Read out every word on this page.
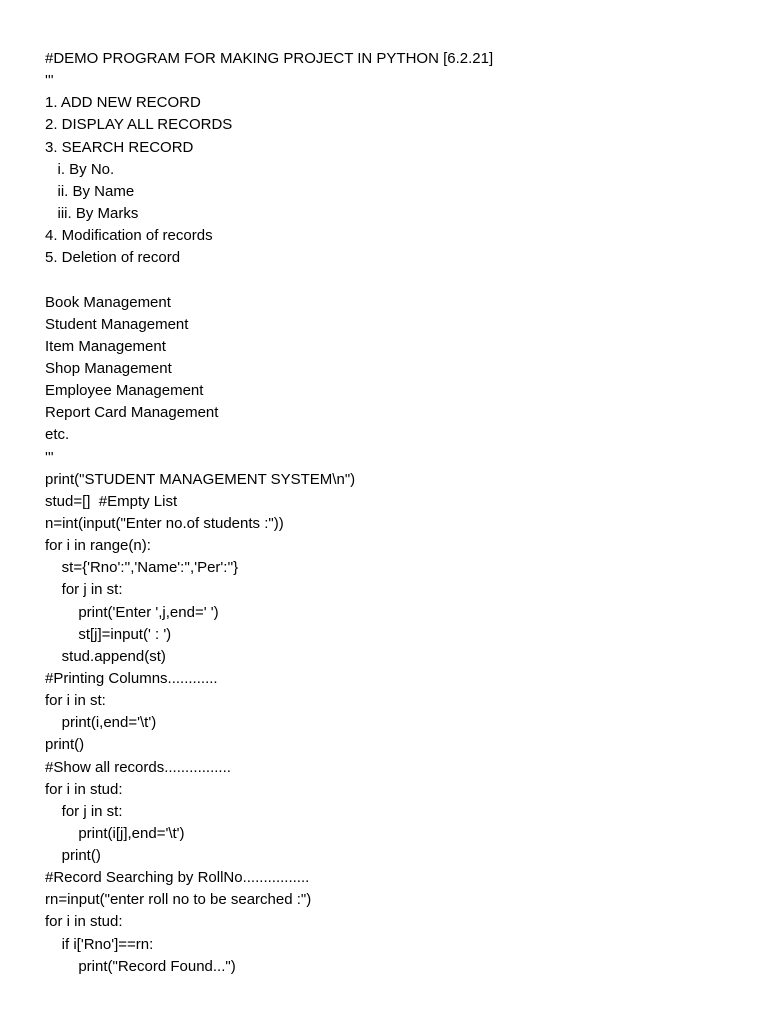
#DEMO PROGRAM FOR MAKING PROJECT IN PYTHON [6.2.21]
'''
1. ADD NEW RECORD
2. DISPLAY ALL RECORDS
3. SEARCH RECORD
i. By No.
ii. By Name
iii. By Marks
4. Modification of records
5. Deletion of record
Book Management
Student Management
Item Management
Shop Management
Employee Management
Report Card Management
etc.
'''
print("STUDENT MANAGEMENT SYSTEM\n")
stud=[]  #Empty List
n=int(input("Enter no.of students :"))
for i in range(n):
st={'Rno':'','Name':'','Per':''}
for j in st:
print('Enter ',j,end=' ')
st[j]=input(' : ')
stud.append(st)
#Printing Columns............
for i in st:
print(i,end='\t')
print()
#Show all records................
for i in stud:
for j in st:
print(i[j],end='\t')
print()
#Record Searching by RollNo................
rn=input("enter roll no to be searched :")
for i in stud:
if i['Rno']==rn:
print("Record Found...")
